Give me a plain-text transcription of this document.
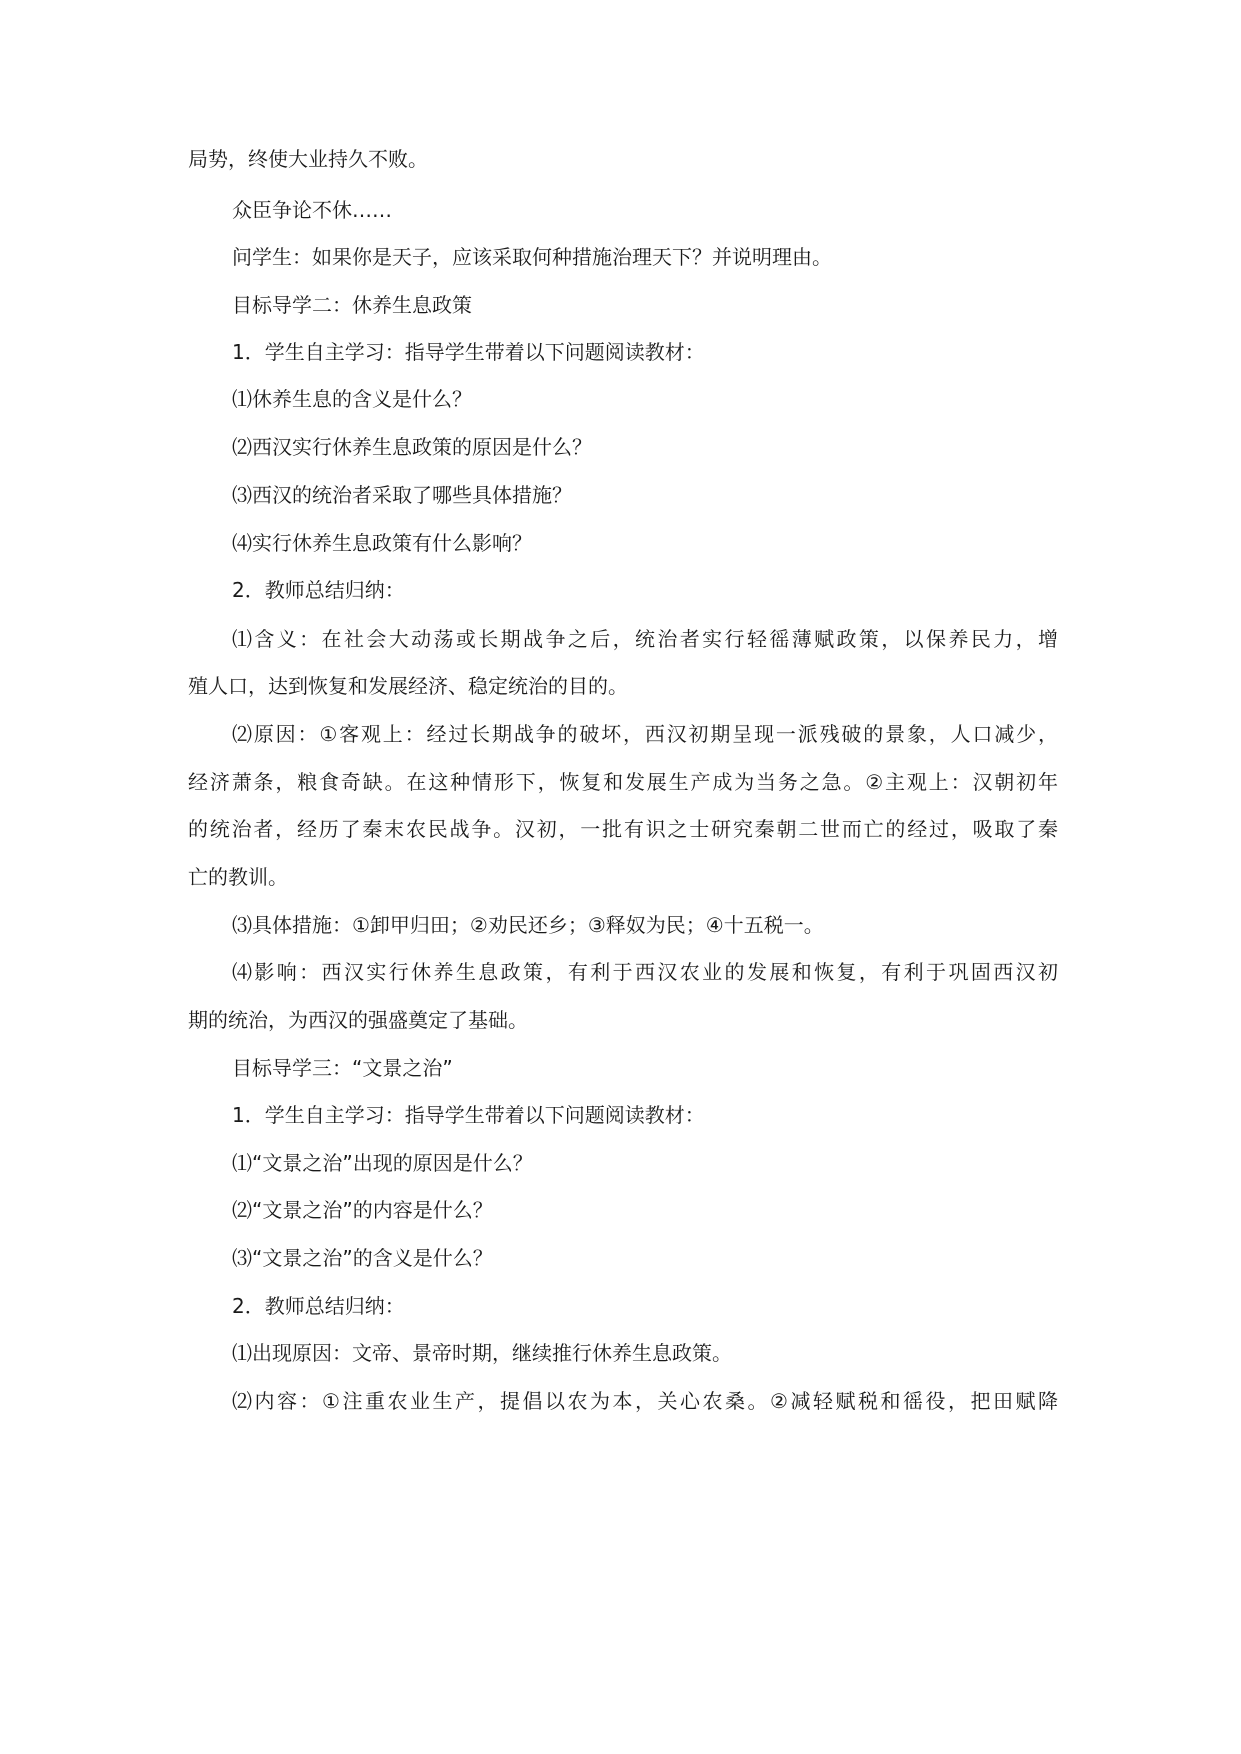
局势，终使大业持久不败。

众臣争论不休……

问学生：如果你是天子，应该采取何种措施治理天下？并说明理由。

目标导学二：休养生息政策

1．学生自主学习：指导学生带着以下问题阅读教材：

⑴休养生息的含义是什么？

⑵西汉实行休养生息政策的原因是什么？

⑶西汉的统治者采取了哪些具体措施？

⑷实行休养生息政策有什么影响？

2．教师总结归纳：

⑴含义：在社会大动荡或长期战争之后，统治者实行轻徭薄赋政策，以保养民力，增

殖人口，达到恢复和发展经济、稳定统治的目的。

⑵原因：①客观上：经过长期战争的破坏，西汉初期呈现一派残破的景象，人口减少，

经济萧条，粮食奇缺。在这种情形下，恢复和发展生产成为当务之急。②主观上：汉朝初年

的统治者，经历了秦末农民战争。汉初，一批有识之士研究秦朝二世而亡的经过，吸取了秦

亡的教训。

⑶具体措施：①卸甲归田；②劝民还乡；③释奴为民；④十五税一。

⑷影响：西汉实行休养生息政策，有利于西汉农业的发展和恢复，有利于巩固西汉初

期的统治，为西汉的强盛奠定了基础。

目标导学三：“文景之治”

1．学生自主学习：指导学生带着以下问题阅读教材：

⑴“文景之治”出现的原因是什么？

⑵“文景之治”的内容是什么？

⑶“文景之治”的含义是什么？

2．教师总结归纳：

⑴出现原因：文帝、景帝时期，继续推行休养生息政策。

⑵内容：①注重农业生产，提倡以农为本，关心农桑。②减轻赋税和徭役，把田赋降
